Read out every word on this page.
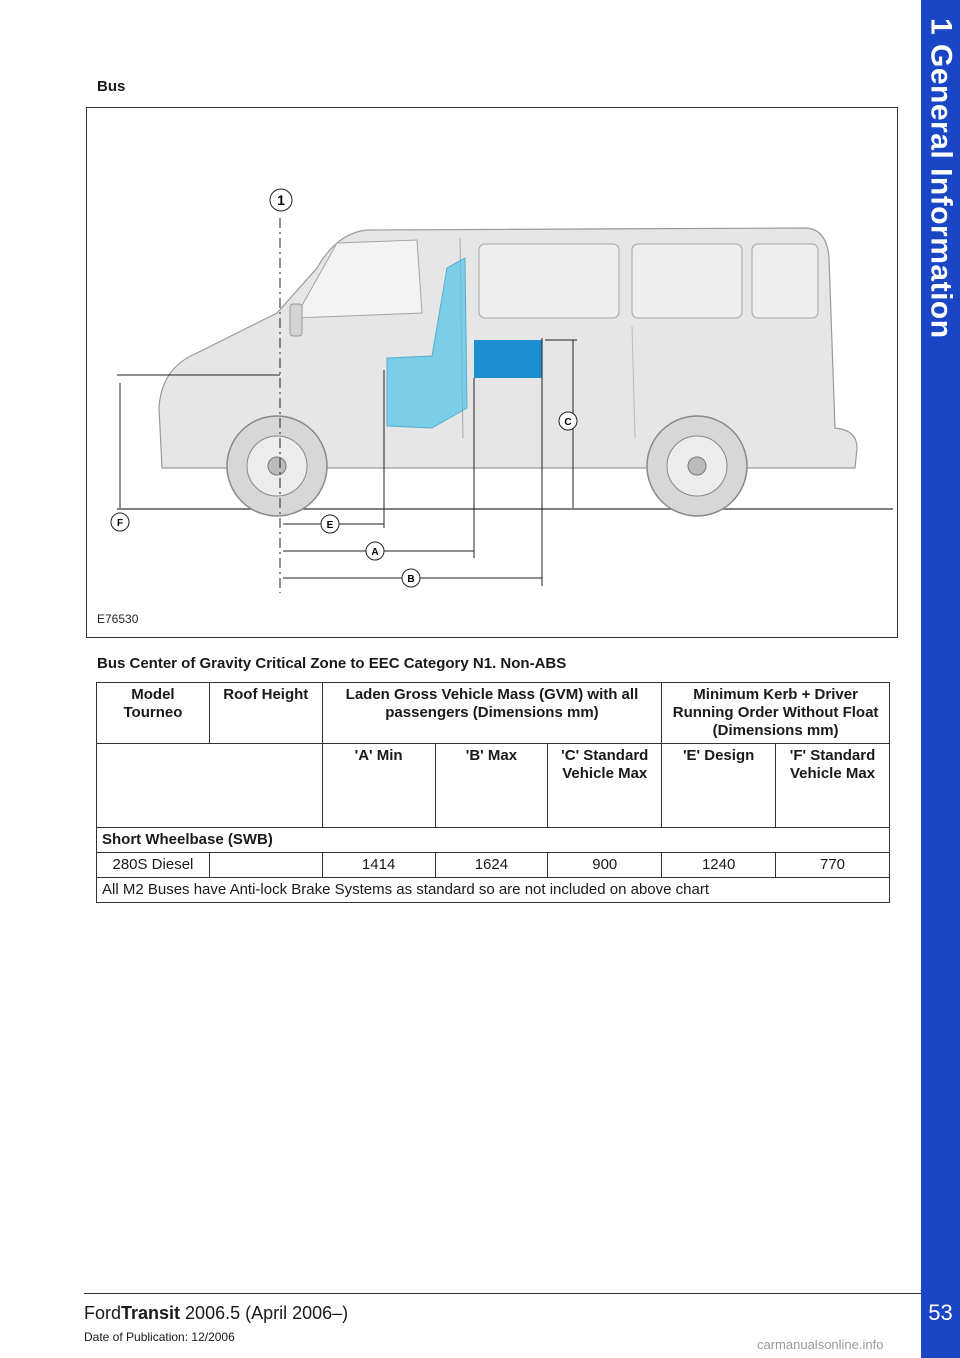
1 General Information
53
Bus
1
C
F	E
A
B
E76530
Bus Center of Gravity Critical Zone to EEC Category N1. Non-ABS
Model Tourneo	Roof Height	Laden Gross Vehicle Mass (GVM) with all passengers (Dimensions mm)			Minimum Kerb + Driver Running Order Without Float (Dimensions mm)	
		'A' Min	'B' Max	'C' Standard Vehicle Max	'E' Design	'F' Standard Vehicle Max
Short Wheelbase (SWB)						
280S Diesel		1414	1624	900	1240	770
All M2 Buses have Anti-lock Brake Systems as standard so are not included on above chart						
FordTransit 2006.5 (April 2006–)
Date of Publication: 12/2006	carmanualsonline.info
